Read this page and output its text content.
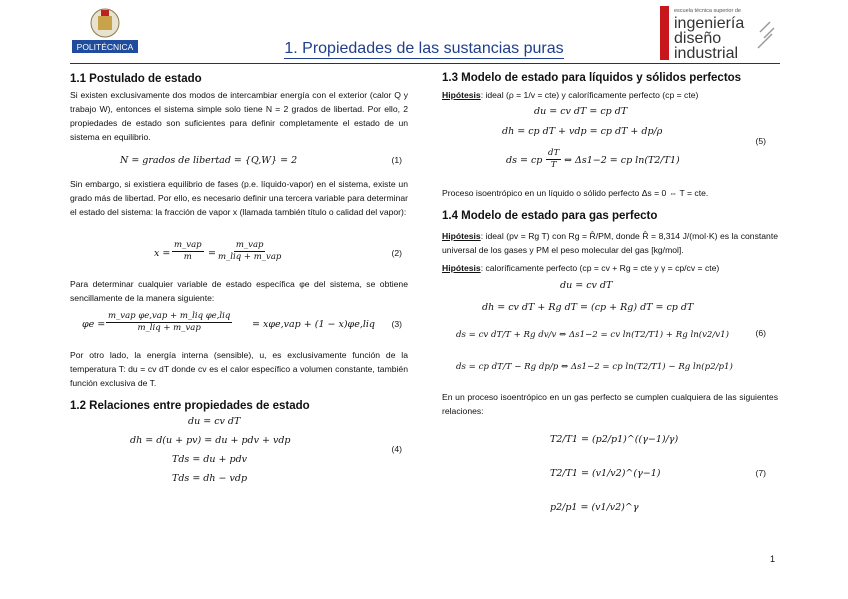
POLITÉCNICA
escuela técnica superior de
ingeniería
diseño
industrial
1. Propiedades de las sustancias puras
1.1 Postulado de estado

Si existen exclusivamente dos modos de intercambiar energía con el exterior (calor Q y trabajo W), entonces el sistema simple solo tiene N = 2 grados de libertad. Por ello, 2 propiedades de estado son suficientes para definir completamente el estado de un sistema en equilibrio.

N = grados de libertad = {Q,W} = 2	(1)

Sin embargo, si existiera equilibrio de fases (p.e. líquido-vapor) en el sistema, existe un grado más de libertad. Por ello, es necesario definir una tercera variable para determinar el estado del sistema: la fracción de vapor x (llamada también título o calidad del vapor):

x =
m_vap
m =
m_vap
m_liq + m_vap	(2)

Para determinar cualquier variable de estado específica φe del sistema, se obtiene sencillamente de la manera siguiente:

φe =
m_vap φe,vap + m_liq φe,liq
m_liq + m_vap	= xφe,vap + (1 − x)φe,liq (3)

Por otro lado, la energía interna (sensible), u, es exclusivamente función de la temperatura T: du = cv dT donde cv es el calor específico a volumen constante, también función exclusiva de T.

1.2 Relaciones entre propiedades de estado
du = cv dT
dh = d(u + pv) = du + pdv + vdp
Tds = du + pdv
Tds = dh − vdp
(4)
1.3 Modelo de estado para líquidos y sólidos perfectos

Hipótesis: ideal (ρ = 1/v = cte) y caloríficamente perfecto (cp = cte)

du = cv dT = cp dT
dh = cp dT + vdp = cp dT + dp/ρ
ds = cp $\frac{dT}{T}$ ⇔ Δs1−2 = cp ln(T2/T1)
(5)

Proceso isoentrópico en un líquido o sólido perfecto Δs = 0 ⇔ T = cte.

1.4 Modelo de estado para gas perfecto

Hipótesis: ideal (pv = Rg T) con Rg = R̂/PM, donde R̂ = 8,314 J/(mol·K) es la constante universal de los gases y PM el peso molecular del gas [kg/mol].

Hipótesis: caloríficamente perfecto (cp = cv + Rg = cte y γ = cp/cv = cte)

du = cv dT
dh = cv dT + Rg dT = (cp + Rg) dT = cp dT
ds = cv dT/T + Rg dv/v ⇔ Δs1−2 = cv ln(T2/T1) + Rg ln(v2/v1)
ds = cp dT/T − Rg dp/p ⇔ Δs1−2 = cp ln(T2/T1) − Rg ln(p2/p1)
(6)

En un proceso isoentrópico en un gas perfecto se cumplen cualquiera de las siguientes relaciones:

T2/T1 = (p2/p1)^((γ−1)/γ)
T2/T1 = (v1/v2)^(γ−1)
p2/p1 = (v1/v2)^γ
(7)
1
